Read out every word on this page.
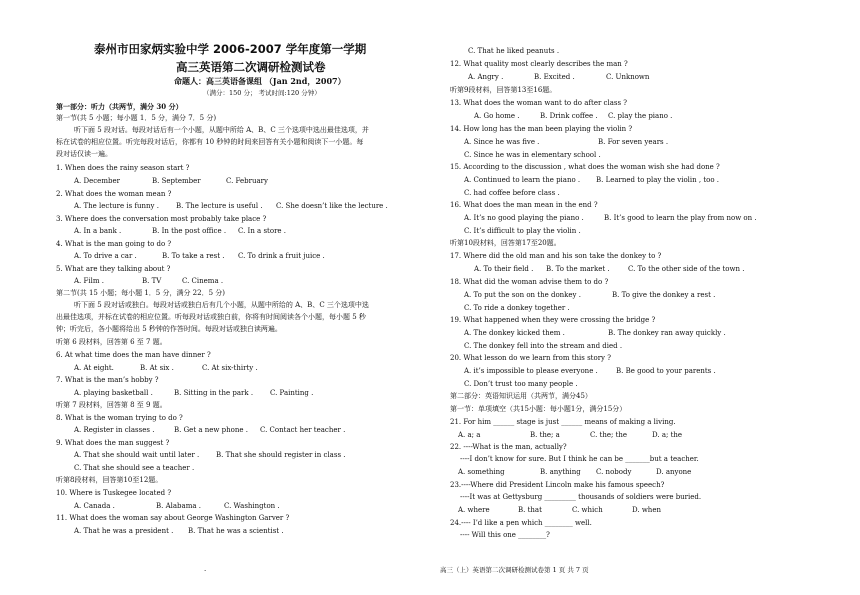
泰州市田家炳实验中学 2006-2007 学年度第一学期
高三英语第二次调研检测试卷
命题人：高三英语备课组 （Jan 2nd，2007）
（满分：150 分； 考试时间:120 分钟）
第一部分：听力（共两节，满分 30 分）
第一节(共 5 小题；每小题 1．5 分，满分 7．5 分)
听下面 5 段对话。每段对话后有一个小题，从题中所给 A、B、C 三个选项中选出最佳选项，并
标在试卷的相应位置。听完每段对话后，你都有 10 秒钟的时间来回答有关小题和阅读下一小题。每
段对话仅读一遍。
1. When does the rainy season start ?
A. December	B. September	C. February
2. What does the woman mean ?
A. The lecture is funny . B. The lecture is useful . C. She doesn’t like the lecture .
3. Where does the conversation most probably take place ?
A. In a bank .	B. In the post office . C. In a store .
4. What is the man going to do ?
A. To drive a car .	B. To take a rest . C. To drink a fruit juice .
5. What are they talking about ?
A. Film .	B. TV	C. Cinema .
第二节(共 15 小题；每小题 1．5 分，满分 22．5 分)
听下面 5 段对话或独白。每段对话或独白后有几个小题，从题中所给的 A、B、C 三个选项中选
出最佳选项，并标在试卷的相应位置。听每段对话或独白前，你将有时间阅读各个小题，每小题 5 秒
钟；听完后，各小题将给出 5 秒钟的作答时间。每段对话或独白读两遍。
听第 6 段材料，回答第 6 至 7 题。
6. At what time does the man have dinner ?
A. At eight.	B. At six .	C. At six-thirty .
7. What is the man’s hobby ?
A. playing basketball .	B. Sitting in the park . C. Painting .
听第 7 段材料，回答第 8 至 9 题。
8. What is the woman trying to do ?
A. Register in classes .	B. Get a new phone . C. Contact her teacher .
9. What does the man suggest ?
A. That she should wait until later . B. That she should register in class .
C. That she should see a teacher .
听第8段材料，回答第10至12题。
10. Where is Tuskegee located ?
A. Canada .	B. Alabama .	C. Washington .
11. What does the woman say about George Washington Garver ?
A. That he was a president . B. That he was a scientist .
C. That he liked peanuts .
12. What quality most clearly describes the man ?
A. Angry .	B. Excited .	C. Unknown
听第9段材料，回答第13至16题。
13. What does the woman want to do after class ?
A. Go home .	B. Drink coffee . C. play the piano .
14. How long has the man been playing the violin ?
A. Since he was five .	B. For seven years .
C. Since he was in elementary school .
15. According to the discussion , what does the woman wish she had done ?
A. Continued to learn the piano . B. Learned to play the violin , too .
C. had coffee before class .
16. What does the man mean in the end ?
A. It’s no good playing the piano .	B. It’s good to learn the play from now on .
C. It’s difficult to play the violin .
听第10段材料，回答第17至20题。
17. Where did the old man and his son take the donkey to ?
A. To their field . B. To the market .	C. To the other side of the town .
18. What did the woman advise them to do ?
A. To put the son on the donkey .	B. To give the donkey a rest .
C. To ride a donkey together .
19. What happened when they were crossing the bridge ?
A. The donkey kicked them .	B. The donkey ran away quickly .
C. The donkey fell into the stream and died .
20. What lesson do we learn from this story ?
A. it’s impossible to please everyone .	B. Be good to your parents .
C. Don’t trust too many people .
第二部分：英语知识运用（共两节，满分45）
第一节：单项填空（共15小题：每小题1分，满分15分）
21. For him ______ stage is just ______ means of making a living.
A. a; a	B. the; a	C. the; the	D. a; the
22. ----What is the man, actually?
----I don’t know for sure. But I think he can be _______but a teacher.
A. something	B. anything C. nobody	D. anyone
23.----Where did President Lincoln make his famous speech?
----It was at Gettysburg _________ thousands of soldiers were buried.
A. where	B. that	C. which	D. when
24.---- I’d like a pen which ________ well.
---- Will this one ________?
.	高三（上）英语第二次调研检测试卷第 1 页 共 7 页
